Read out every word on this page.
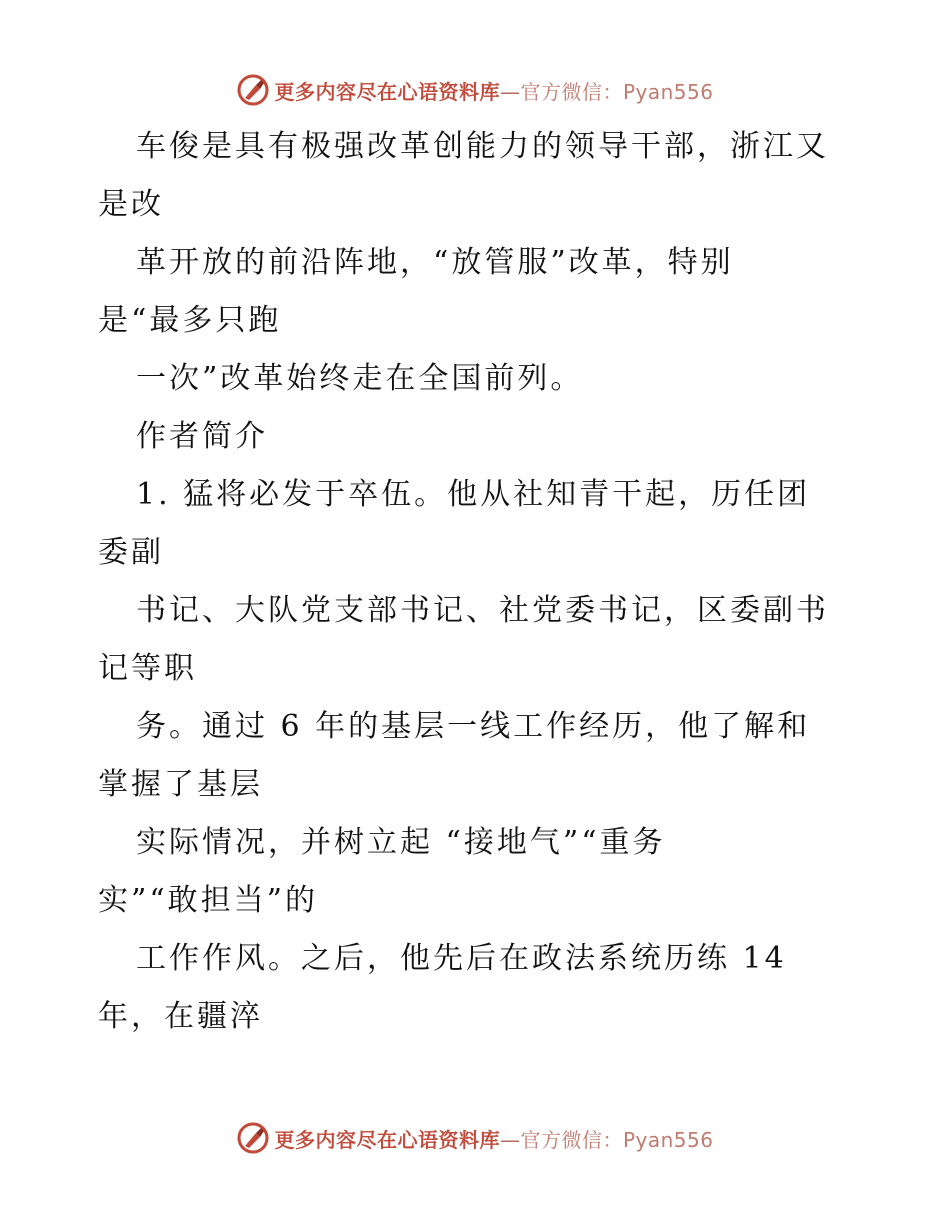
更多内容尽在心语资料库—官方微信：Pyan556
车俊是具有极强改革创能力的领导干部，浙江又
是改
革开放的前沿阵地，“放管服”改革，特别
是“最多只跑
一次”改革始终走在全国前列。
作者简介
1. 猛将必发于卒伍。他从社知青干起，历任团
委副
书记、大队党支部书记、社党委书记，区委副书
记等职
务。通过 6 年的基层一线工作经历，他了解和
掌握了基层
实际情况，并树立起 “接地气”“重务
实”“敢担当”的
工作作风。之后，他先后在政法系统历练 14
年，在疆淬
更多内容尽在心语资料库—官方微信：Pyan556
